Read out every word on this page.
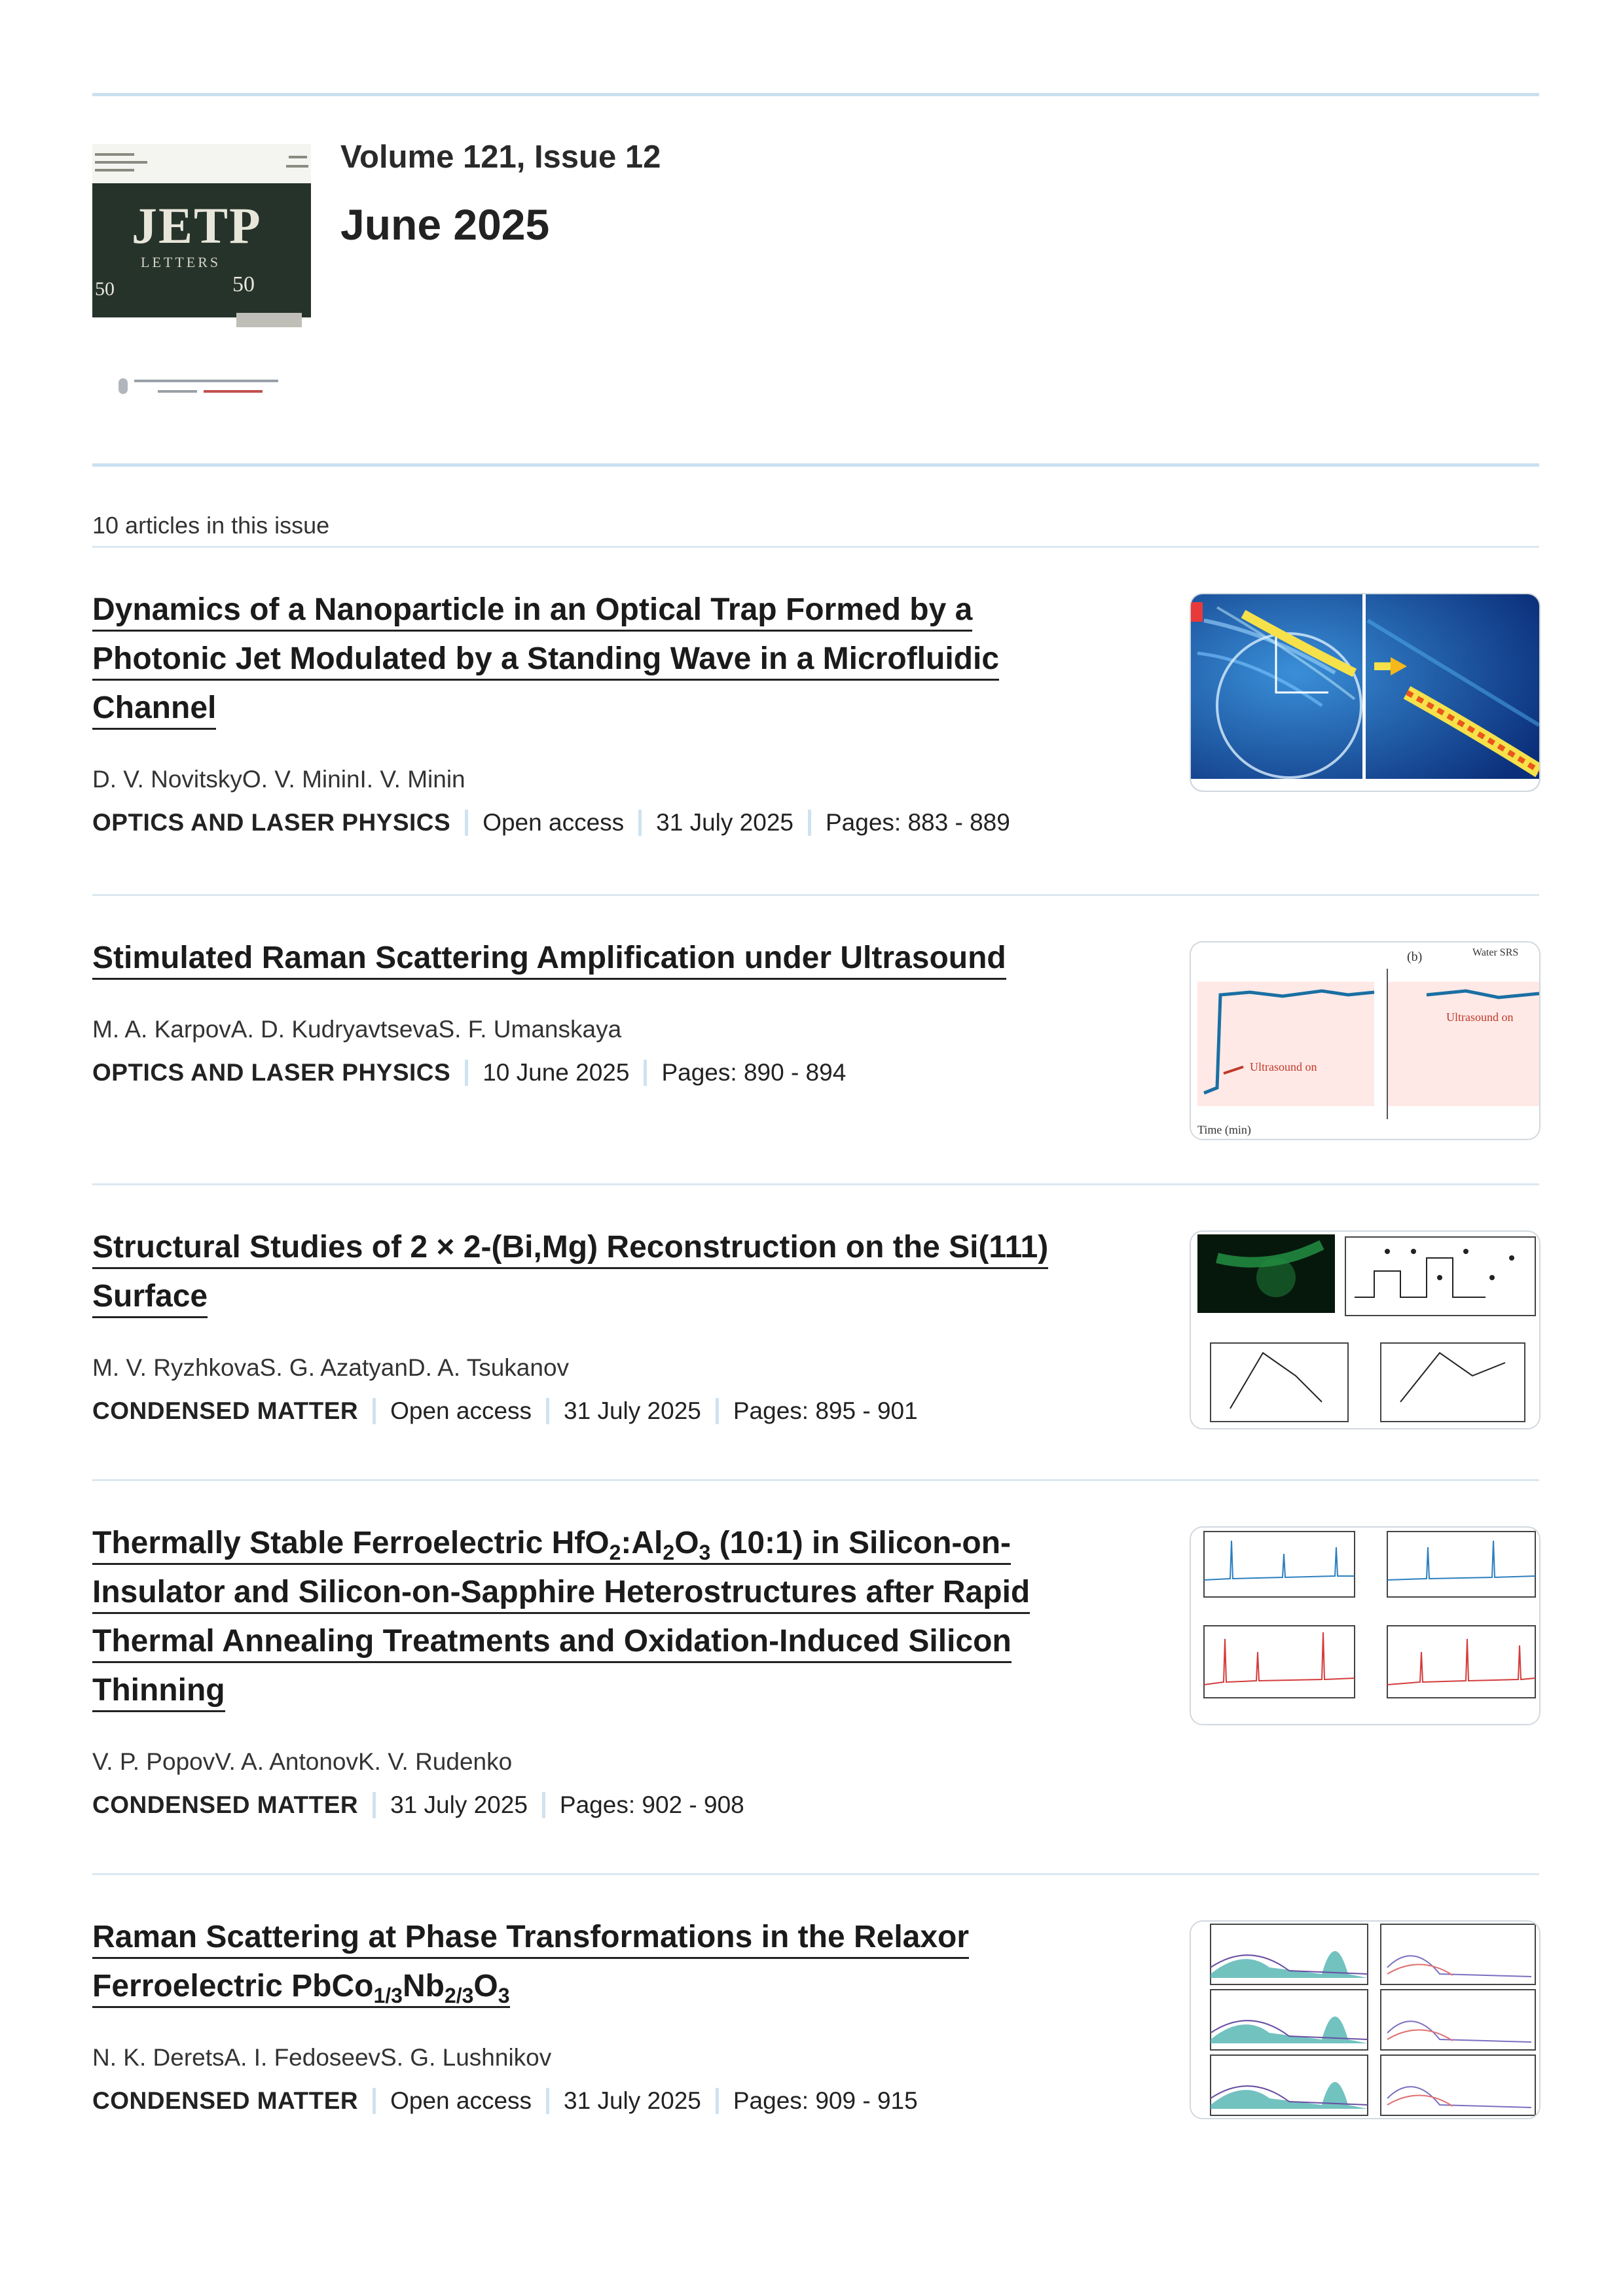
JETP
LETTERS
50	50
Volume 121, Issue 12
June 2025
10 articles in this issue
Dynamics of a Nanoparticle in an Optical Trap Formed by a Photonic Jet Modulated by a Standing Wave in a Microfluidic Channel
D. V. NovitskyO. V. MininI. V. Minin
OPTICS AND LASER PHYSICS Open access 31 July 2025 Pages: 883 - 889
Stimulated Raman Scattering Amplification under Ultrasound
M. A. KarpovA. D. KudryavtsevaS. F. Umanskaya
OPTICS AND LASER PHYSICS 10 June 2025 Pages: 890 - 894	Ultrasound on
Ultrasound on
(b)	Water SRS
Time (min)
Structural Studies of 2 × 2-(Bi,Mg) Reconstruction on the Si(111) Surface
M. V. RyzhkovaS. G. AzatyanD. A. Tsukanov
CONDENSED MATTER Open access 31 July 2025 Pages: 895 - 901
Thermally Stable Ferroelectric $HfO_2:Al_2O_3$ (10:1) in Silicon-on-Insulator and Silicon-on-Sapphire Heterostructures after Rapid Thermal Annealing Treatments and Oxidation-Induced Silicon Thinning
V. P. PopovV. A. AntonovK. V. Rudenko
CONDENSED MATTER 31 July 2025 Pages: 902 - 908
Raman Scattering at Phase Transformations in the Relaxor Ferroelectric $PbCo_{1/3}Nb_{2/3}O_3$
N. K. DeretsA. I. FedoseevS. G. Lushnikov
CONDENSED MATTER Open access 31 July 2025 Pages: 909 - 915
